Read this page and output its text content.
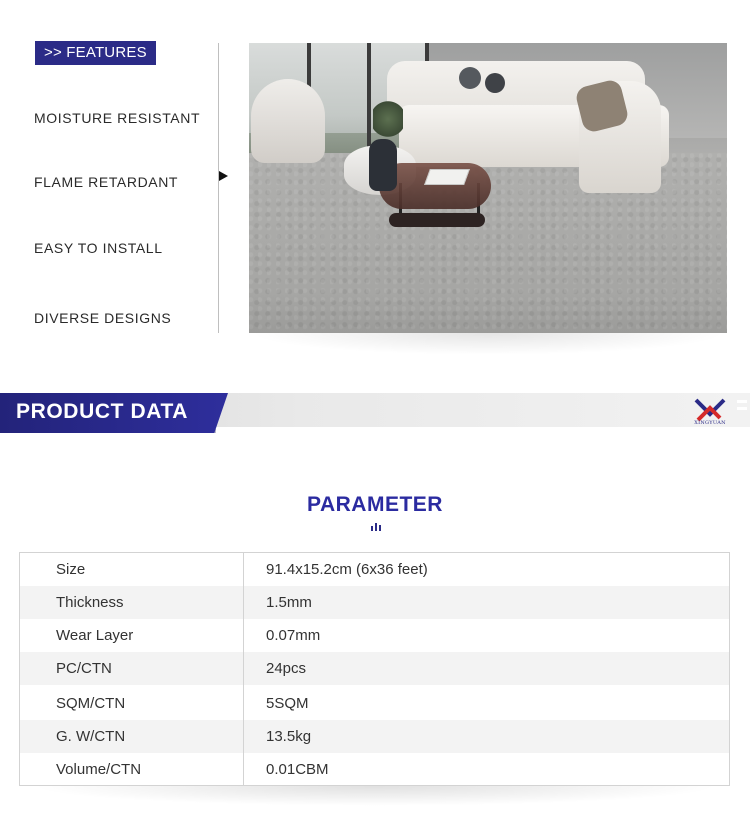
>> FEATURES
MOISTURE RESISTANT
FLAME RETARDANT
EASY TO INSTALL
DIVERSE DESIGNS
PRODUCT DATA	XINGYUAN
PARAMETER
Size	91.4x15.2cm (6x36 feet)
Thickness	1.5mm
Wear Layer	0.07mm
PC/CTN	24pcs
SQM/CTN	5SQM
G. W/CTN	13.5kg
Volume/CTN	0.01CBM
